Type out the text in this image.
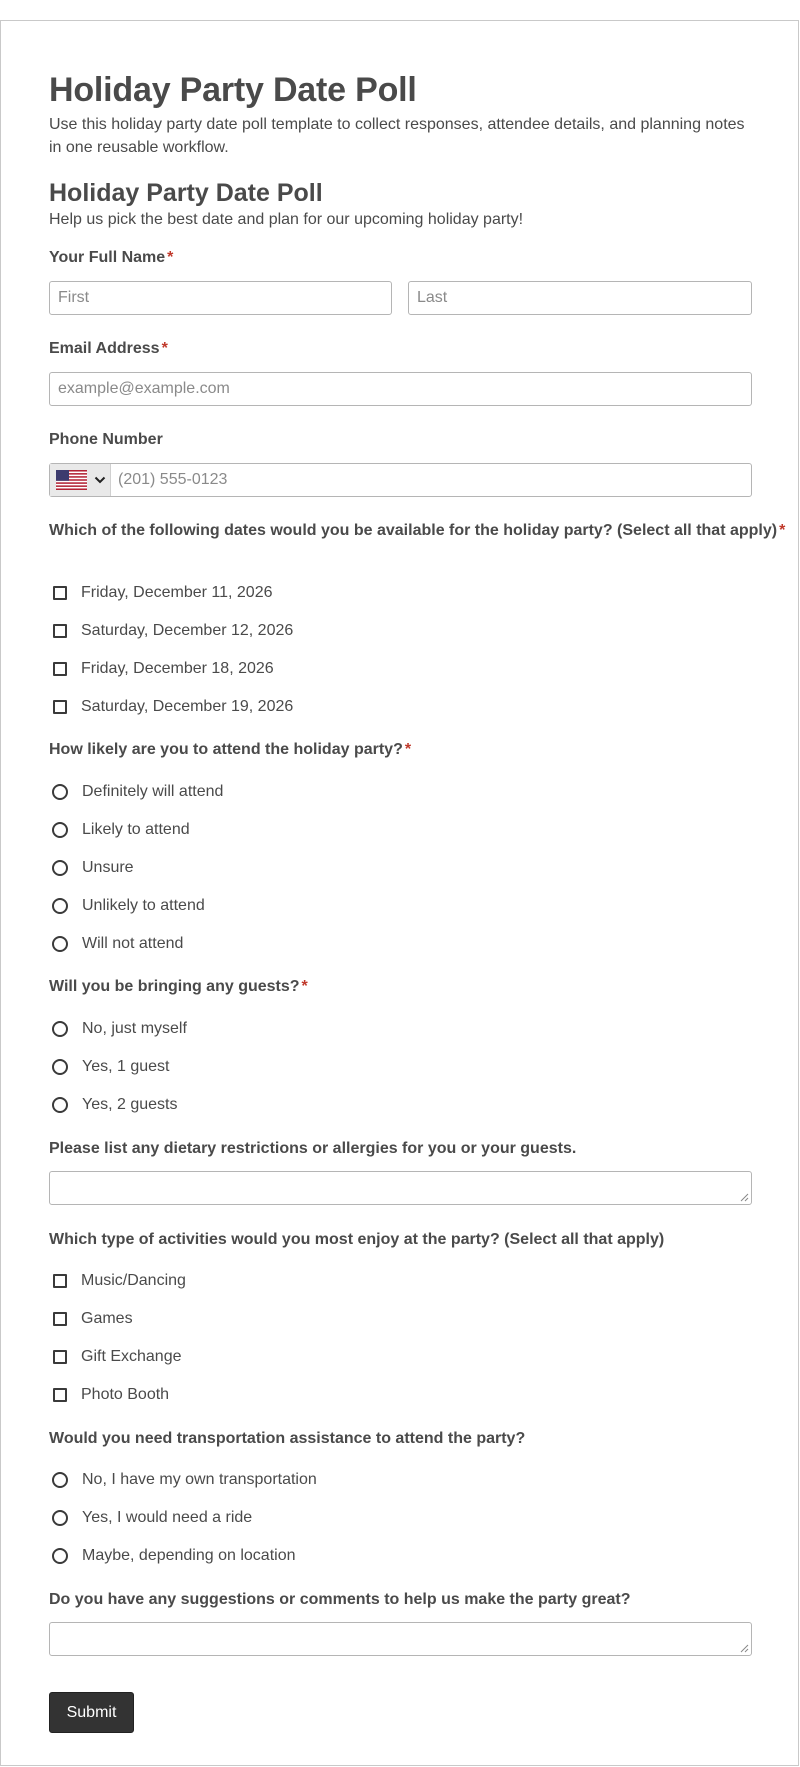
Holiday Party Date Poll

Use this holiday party date poll template to collect responses, attendee details, and planning notes in one reusable workflow.

Holiday Party Date Poll

Help us pick the best date and plan for our upcoming holiday party!

Your Full Name *
First
Last
Email Address *
example@example.com
Phone Number
(201) 555-0123
Which of the following dates would you be available for the holiday party? (Select all that apply) *
Friday, December 11, 2026
Saturday, December 12, 2026
Friday, December 18, 2026
Saturday, December 19, 2026
How likely are you to attend the holiday party? *
Definitely will attend
Likely to attend
Unsure
Unlikely to attend
Will not attend
Will you be bringing any guests? *
No, just myself
Yes, 1 guest
Yes, 2 guests
Please list any dietary restrictions or allergies for you or your guests.
Which type of activities would you most enjoy at the party? (Select all that apply)
Music/Dancing
Games
Gift Exchange
Photo Booth
Would you need transportation assistance to attend the party?
No, I have my own transportation
Yes, I would need a ride
Maybe, depending on location
Do you have any suggestions or comments to help us make the party great?
Submit
